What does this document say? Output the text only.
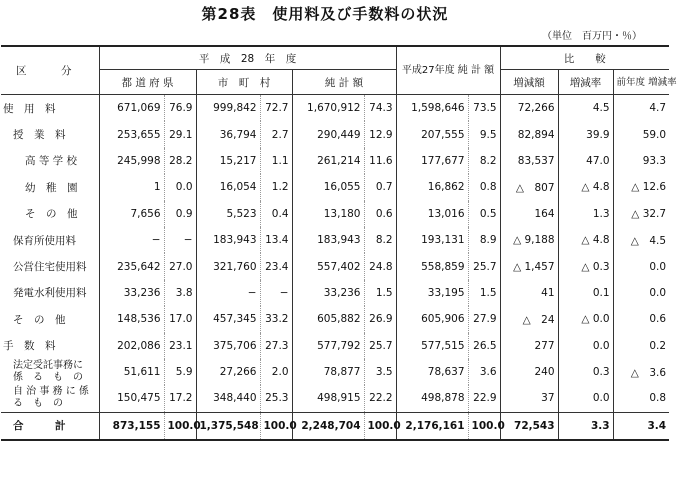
第28表　使用料及び手数料の状況
（単位　百万円・％）
区　分	平　成　28　年　度						平成27年度 純 計 額		比　　較		
	都 道 府 県		市　町　村		純 計 額				増減額	増減率	前年度 増減率
使　用　料	671,069	76.9	999,842	72.7	1,670,912	74.3	1,598,646	73.5	72,266	4.5	4.7
授　業　料	253,655	29.1	36,794	2.7	290,449	12.9	207,555	9.5	82,894	39.9	59.0
高 等 学 校	245,998	28.2	15,217	1.1	261,214	11.6	177,677	8.2	83,537	47.0	93.3
幼　稚　園	1	0.0	16,054	1.2	16,055	0.7	16,862	0.8	△　807	△ 4.8	△ 12.6
そ　の　他	7,656	0.9	5,523	0.4	13,180	0.6	13,016	0.5	164	1.3	△ 32.7
保育所使用料	−	−	183,943	13.4	183,943	8.2	193,131	8.9	△ 9,188	△ 4.8	△　4.5
公営住宅使用料	235,642	27.0	321,760	23.4	557,402	24.8	558,859	25.7	△ 1,457	△ 0.3	0.0
発電水利使用料	33,236	3.8	−	−	33,236	1.5	33,195	1.5	41	0.1	0.0
そ　の　他	148,536	17.0	457,345	33.2	605,882	26.9	605,906	27.9	△　24	△ 0.0	0.6
手　数　料	202,086	23.1	375,706	27.3	577,792	25.7	577,515	26.5	277	0.0	0.2
法定受託事務に 係　る　も　の	51,611	5.9	27,266	2.0	78,877	3.5	78,637	3.6	240	0.3	△　3.6
自 治 事 務 に 係　る　も　の	150,475	17.2	348,440	25.3	498,915	22.2	498,878	22.9	37	0.0	0.8
合　　　計	873,155	100.0	1,375,548	100.0	2,248,704	100.0	2,176,161	100.0	72,543	3.3	3.4
